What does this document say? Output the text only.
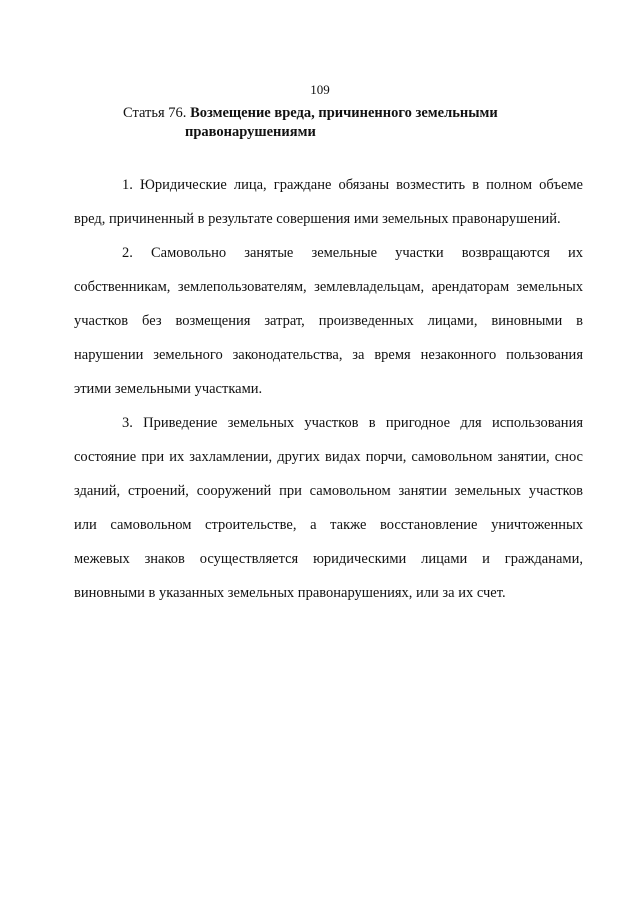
109
Статья 76. Возмещение вреда, причиненного земельными
правонарушениями
1. Юридические лица, граждане обязаны возместить в полном объеме
вред, причиненный в результате совершения ими земельных правонарушений.
2. Самовольно занятые земельные участки возвращаются их
собственникам, землепользователям, землевладельцам, арендаторам земельных
участков без возмещения затрат, произведенных лицами, виновными в
нарушении земельного законодательства, за время незаконного пользования
этими земельными участками.
3. Приведение земельных участков в пригодное для использования
состояние при их захламлении, других видах порчи, самовольном занятии, снос
зданий, строений, сооружений при самовольном занятии земельных участков
или самовольном строительстве, а также восстановление уничтоженных
межевых знаков осуществляется юридическими лицами и гражданами,
виновными в указанных земельных правонарушениях, или за их счет.
